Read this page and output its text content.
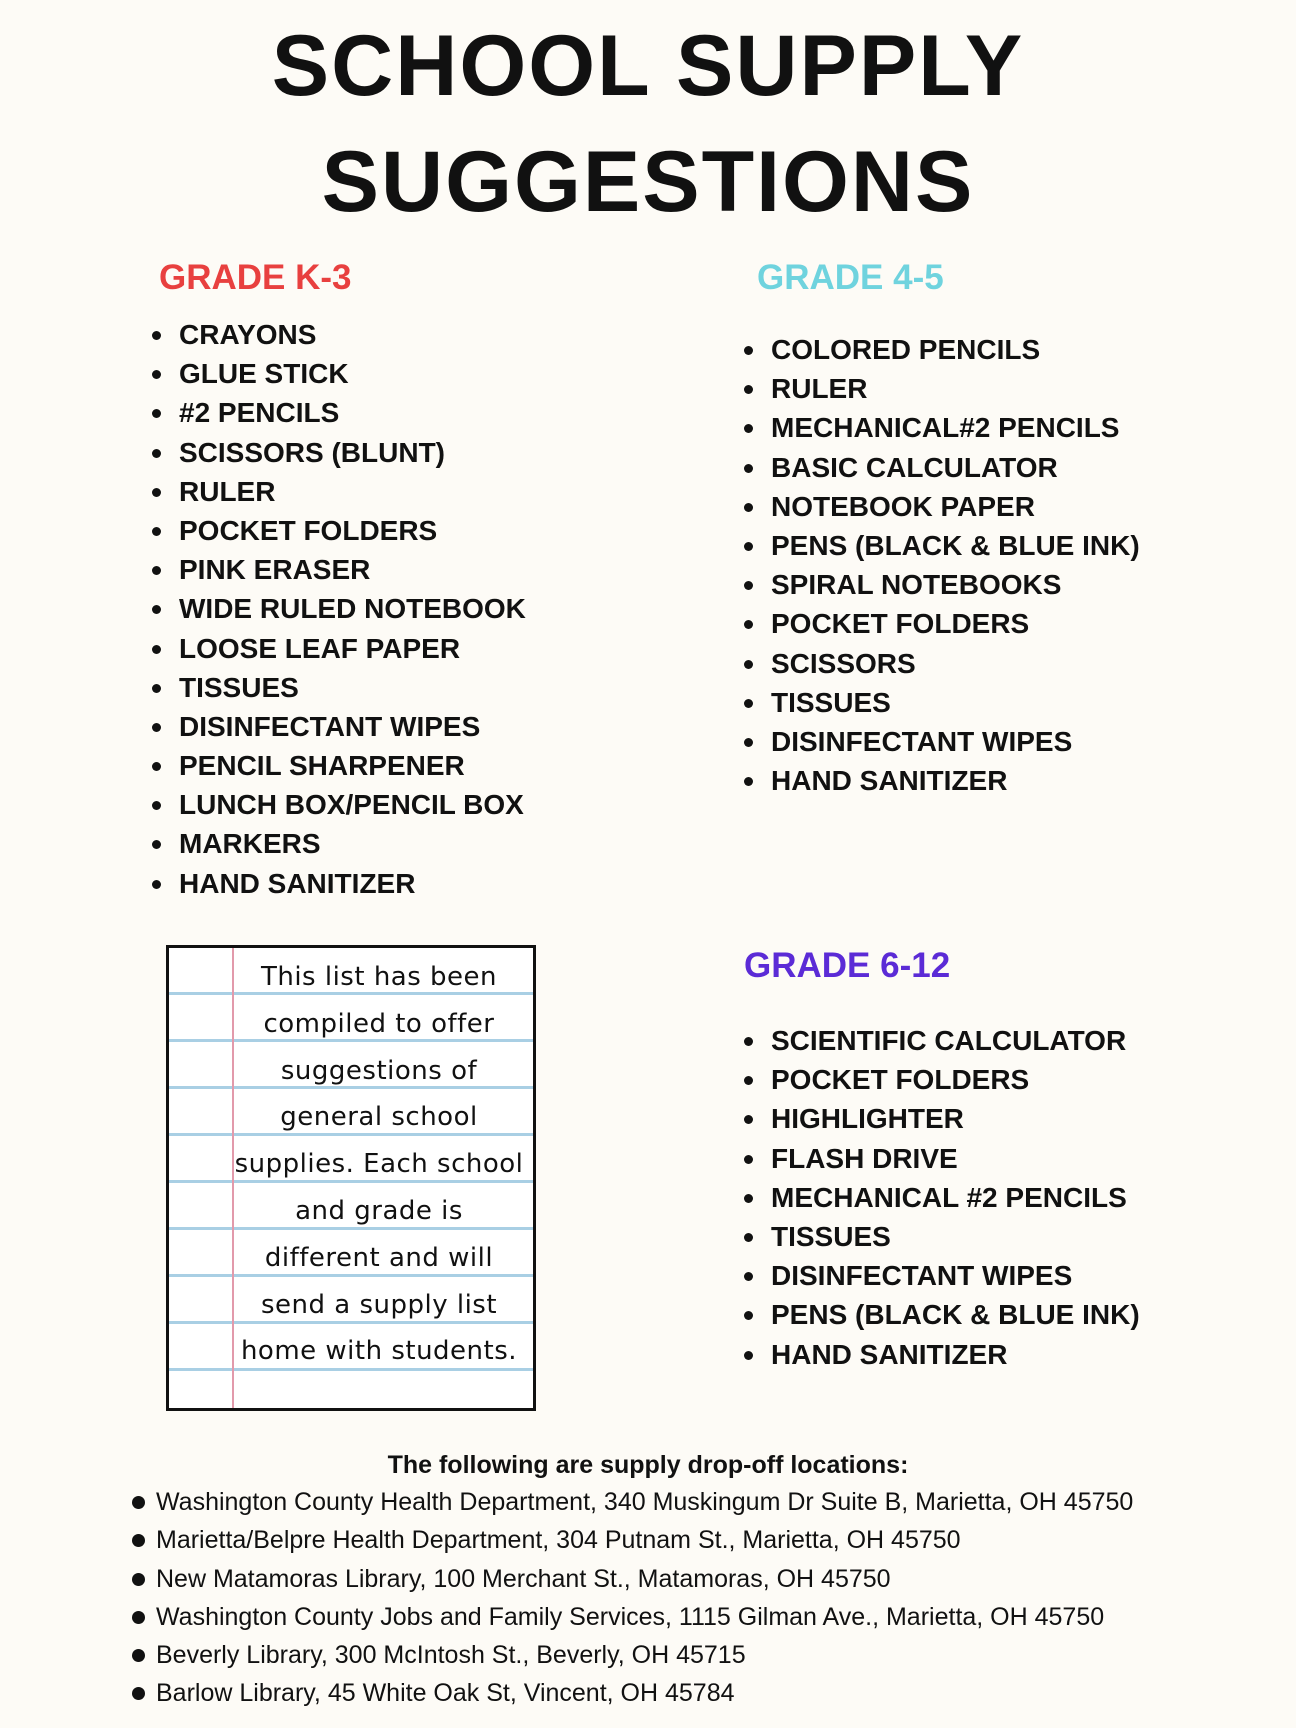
SCHOOL SUPPLY
SUGGESTIONS
GRADE K-3
CRAYONS
GLUE STICK
#2 PENCILS
SCISSORS (BLUNT)
RULER
POCKET FOLDERS
PINK ERASER
WIDE RULED NOTEBOOK
LOOSE LEAF PAPER
TISSUES
DISINFECTANT WIPES
PENCIL SHARPENER
LUNCH BOX/PENCIL BOX
MARKERS
HAND SANITIZER
GRADE 4-5
COLORED PENCILS
RULER
MECHANICAL#2 PENCILS
BASIC CALCULATOR
NOTEBOOK PAPER
PENS (BLACK & BLUE INK)
SPIRAL NOTEBOOKS
POCKET FOLDERS
SCISSORS
TISSUES
DISINFECTANT WIPES
HAND SANITIZER
GRADE 6-12
SCIENTIFIC CALCULATOR
POCKET FOLDERS
HIGHLIGHTER
FLASH DRIVE
MECHANICAL #2 PENCILS
TISSUES
DISINFECTANT WIPES
PENS (BLACK & BLUE INK)
HAND SANITIZER
This list has been
compiled to offer
suggestions of
general school
supplies. Each school
and grade is
different and will
send a supply list
home with students.
The following are supply drop-off locations:
Washington County Health Department, 340 Muskingum Dr Suite B, Marietta, OH 45750
Marietta/Belpre Health Department, 304 Putnam St., Marietta, OH 45750
New Matamoras Library, 100 Merchant St., Matamoras, OH 45750
Washington County Jobs and Family Services, 1115 Gilman Ave., Marietta, OH 45750
Beverly Library, 300 McIntosh St., Beverly, OH 45715
Barlow Library, 45 White Oak St, Vincent, OH 45784
